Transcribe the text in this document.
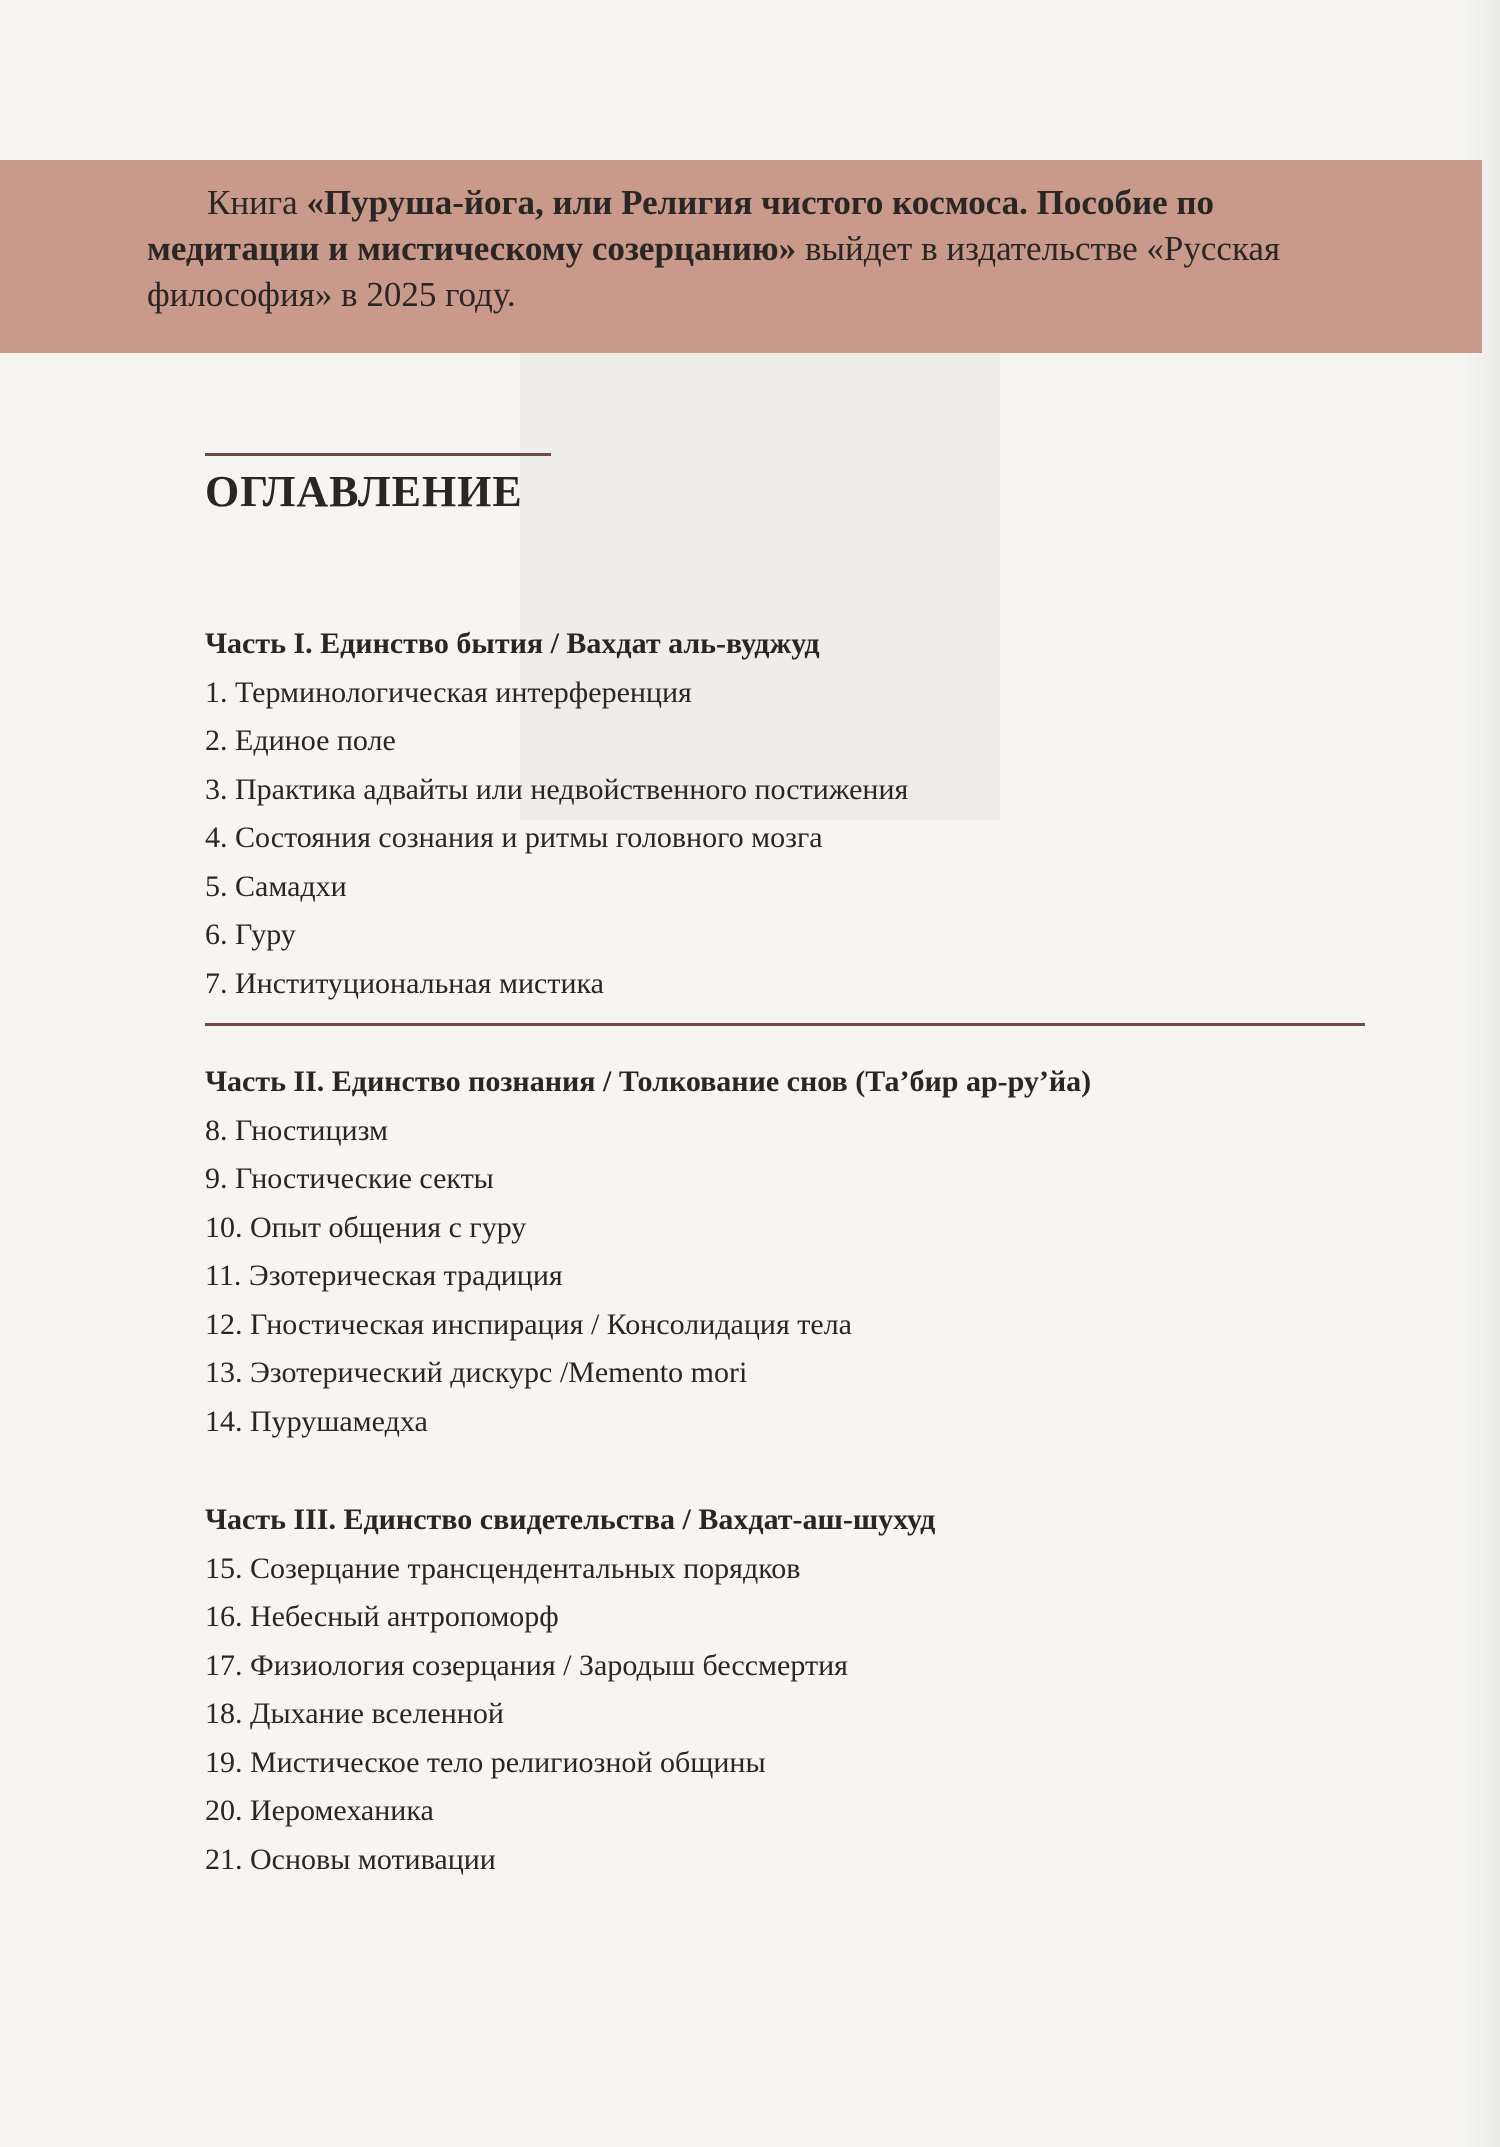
Книга «Пуруша-йога, или Религия чистого космоса. Пособие по медитации и мистическому созерцанию» выйдет в издательстве «Русская философия» в 2025 году.
ОГЛАВЛЕНИЕ
Часть I. Единство бытия / Вахдат аль-вуджуд
1. Терминологическая интерференция
2. Единое поле
3. Практика адвайты или недвойственного постижения
4. Состояния сознания и ритмы головного мозга
5. Самадхи
6. Гуру
7. Институциональная мистика
Часть II. Единство познания / Толкование снов (Та’бир ар-ру’йа)
8. Гностицизм
9. Гностические секты
10. Опыт общения с гуру
11. Эзотерическая традиция
12. Гностическая инспирация / Консолидация тела
13. Эзотерический дискурс /Memento mori
14. Пурушамедха
Часть III. Единство свидетельства / Вахдат-аш-шухуд
15. Созерцание трансцендентальных порядков
16. Небесный антропоморф
17. Физиология созерцания / Зародыш бессмертия
18. Дыхание вселенной
19. Мистическое тело религиозной общины
20. Иеромеханика
21. Основы мотивации
